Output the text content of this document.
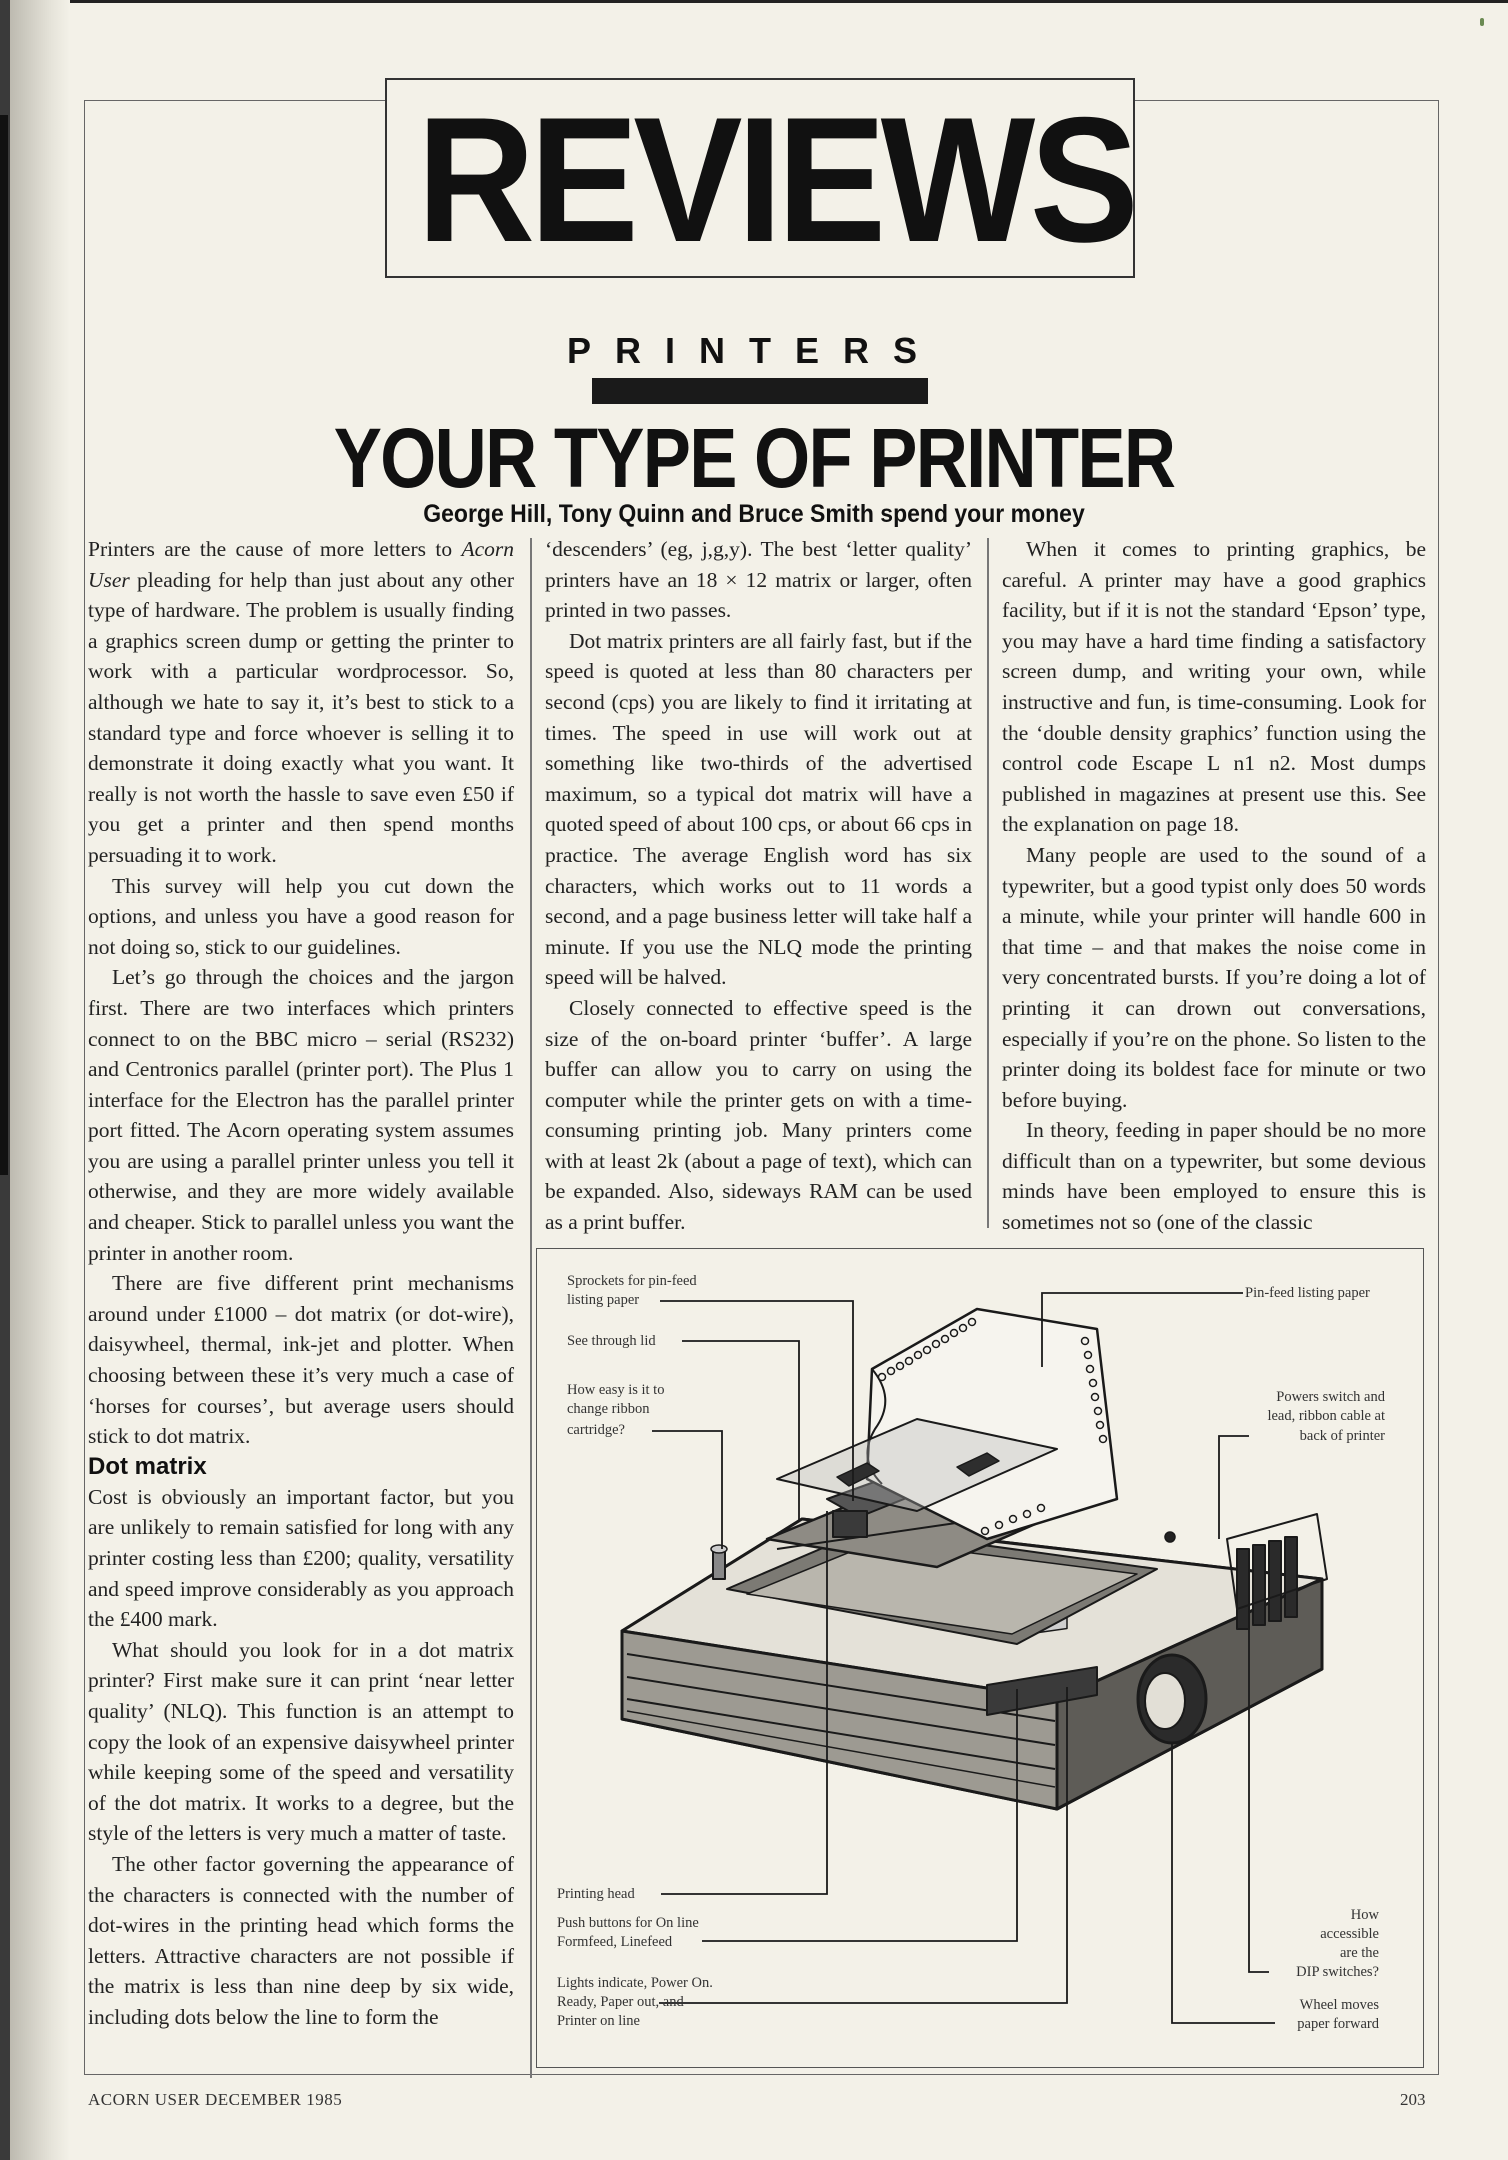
REVIEWS
PRINTERS
YOUR TYPE OF PRINTER
George Hill, Tony Quinn and Bruce Smith spend your money

Printers are the cause of more letters to Acorn User pleading for help than just about any other type of hardware. The problem is usually finding a graphics screen dump or getting the printer to work with a particular wordprocessor. So, although we hate to say it, it’s best to stick to a standard type and force whoever is selling it to demonstrate it doing exactly what you want. It really is not worth the hassle to save even £50 if you get a printer and then spend months persuading it to work.

This survey will help you cut down the options, and unless you have a good reason for not doing so, stick to our guidelines.

Let’s go through the choices and the jargon first. There are two interfaces which printers connect to on the BBC micro – serial (RS232) and Centronics parallel (printer port). The Plus 1 interface for the Electron has the parallel printer port fitted. The Acorn operating system assumes you are using a parallel printer unless you tell it otherwise, and they are more widely available and cheaper. Stick to parallel unless you want the printer in another room.

There are five different print mechanisms around under £1000 – dot matrix (or dot-wire), daisywheel, thermal, ink-jet and plotter. When choosing between these it’s very much a case of ‘horses for courses’, but average users should stick to dot matrix.

Dot matrix

Cost is obviously an important factor, but you are unlikely to remain satisfied for long with any printer costing less than £200; quality, versatility and speed improve considerably as you approach the £400 mark.

What should you look for in a dot matrix printer? First make sure it can print ‘near letter quality’ (NLQ). This function is an attempt to copy the look of an expensive daisywheel printer while keeping some of the speed and versatility of the dot matrix. It works to a degree, but the style of the letters is very much a matter of taste.

The other factor governing the appearance of the characters is connected with the number of dot-wires in the printing head which forms the letters. Attractive characters are not possible if the matrix is less than nine deep by six wide, including dots below the line to form the

‘descenders’ (eg, j,g,y). The best ‘letter quality’ printers have an 18 × 12 matrix or larger, often printed in two passes.

Dot matrix printers are all fairly fast, but if the speed is quoted at less than 80 characters per second (cps) you are likely to find it irritating at times. The speed in use will work out at something like two-thirds of the advertised maximum, so a typical dot matrix will have a quoted speed of about 100 cps, or about 66 cps in practice. The average English word has six characters, which works out to 11 words a second, and a page business letter will take half a minute. If you use the NLQ mode the printing speed will be halved.

Closely connected to effective speed is the size of the on-board printer ‘buffer’. A large buffer can allow you to carry on using the computer while the printer gets on with a time-consuming printing job. Many printers come with at least 2k (about a page of text), which can be expanded. Also, sideways RAM can be used as a print buffer.

When it comes to printing graphics, be careful. A printer may have a good graphics facility, but if it is not the standard ‘Epson’ type, you may have a hard time finding a satisfactory screen dump, and writing your own, while instructive and fun, is time-consuming. Look for the ‘double density graphics’ function using the control code Escape L n1 n2. Most dumps published in magazines at present use this. See the explanation on page 18.

Many people are used to the sound of a typewriter, but a good typist only does 50 words a minute, while your printer will handle 600 in that time – and that makes the noise come in very concentrated bursts. If you’re doing a lot of printing it can drown out conversations, especially if you’re on the phone. So listen to the printer doing its boldest face for minute or two before buying.

In theory, feeding in paper should be no more difficult than on a typewriter, but some devious minds have been employed to ensure this is sometimes not so (one of the classic

Sprockets for pin-feed
listing paper
See through lid
How easy is it to
change ribbon
cartridge?
Pin-feed listing paper
Powers switch and
lead, ribbon cable at
back of printer
Printing head
Push buttons for On line
Formfeed, Linefeed
Lights indicate, Power On.
Ready, Paper out, and
Printer on line
How
accessible
are the
DIP switches?
Wheel moves
paper forward
ACORN USER DECEMBER 1985	203
